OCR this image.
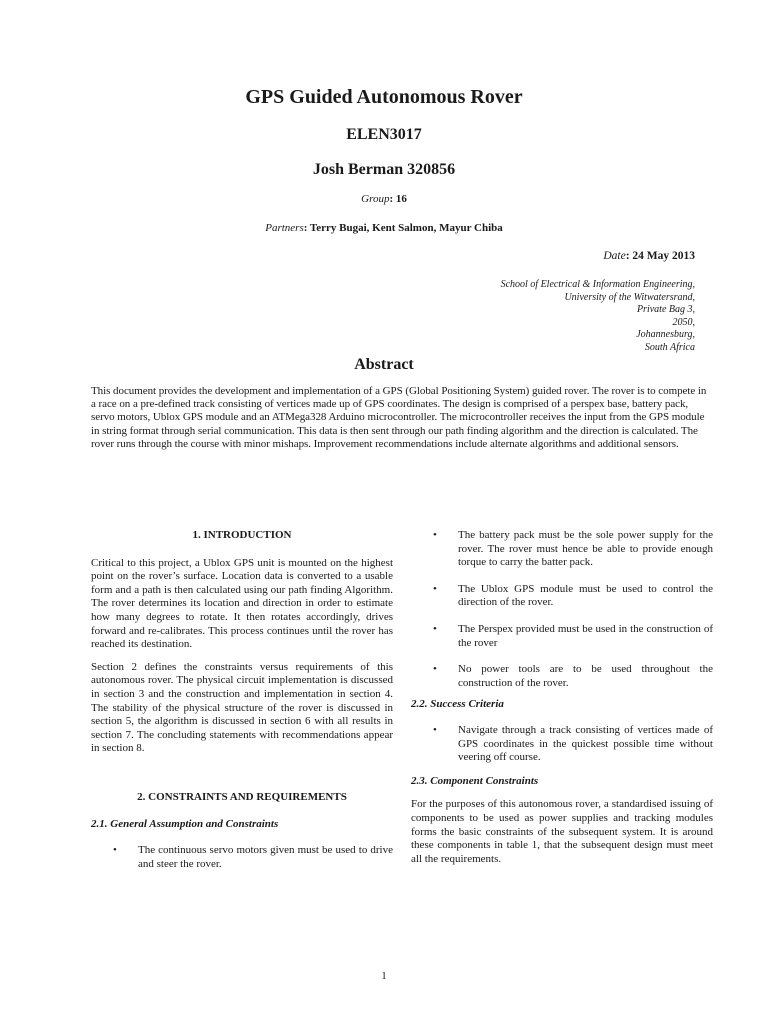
GPS Guided Autonomous Rover
ELEN3017
Josh Berman 320856
Group: 16
Partners: Terry Bugai, Kent Salmon, Mayur Chiba
Date: 24 May 2013
School of Electrical & Information Engineering,
University of the Witwatersrand,
Private Bag 3,
2050,
Johannesburg,
South Africa
Abstract
This document provides the development and implementation of a GPS (Global Positioning System) guided rover. The rover is to compete in a race on a pre-defined track consisting of vertices made up of GPS coordinates. The design is comprised of a perspex base, battery pack, servo motors, Ublox GPS module and an ATMega328 Arduino microcontroller. The microcontroller receives the input from the GPS module in string format through serial communication. This data is then sent through our path finding algorithm and the direction is calculated. The rover runs through the course with minor mishaps. Improvement recommendations include alternate algorithms and additional sensors.
1. INTRODUCTION
Critical to this project, a Ublox GPS unit is mounted on the highest point on the rover’s surface. Location data is converted to a usable form and a path is then calculated using our path finding Algorithm. The rover determines its location and direction in order to estimate how many degrees to rotate. It then rotates accordingly, drives forward and re-calibrates. This process continues until the rover has reached its destination.
Section 2 defines the constraints versus requirements of this autonomous rover. The physical circuit implementation is discussed in section 3 and the construction and implementation in section 4. The stability of the physical structure of the rover is discussed in section 5, the algorithm is discussed in section 6 with all results in section 7. The concluding statements with recommendations appear in section 8.
2. CONSTRAINTS AND REQUIREMENTS
2.1. General Assumption and Constraints
• The continuous servo motors given must be used to drive and steer the rover.
• The battery pack must be the sole power supply for the rover. The rover must hence be able to provide enough torque to carry the batter pack.
• The Ublox GPS module must be used to control the direction of the rover.
• The Perspex provided must be used in the construction of the rover
• No power tools are to be used throughout the construction of the rover.
2.2. Success Criteria
• Navigate through a track consisting of vertices made of GPS coordinates in the quickest possible time without veering off course.
2.3. Component Constraints
For the purposes of this autonomous rover, a standardised issuing of components to be used as power supplies and tracking modules forms the basic constraints of the subsequent system. It is around these components in table 1, that the subsequent design must meet all the requirements.
1
